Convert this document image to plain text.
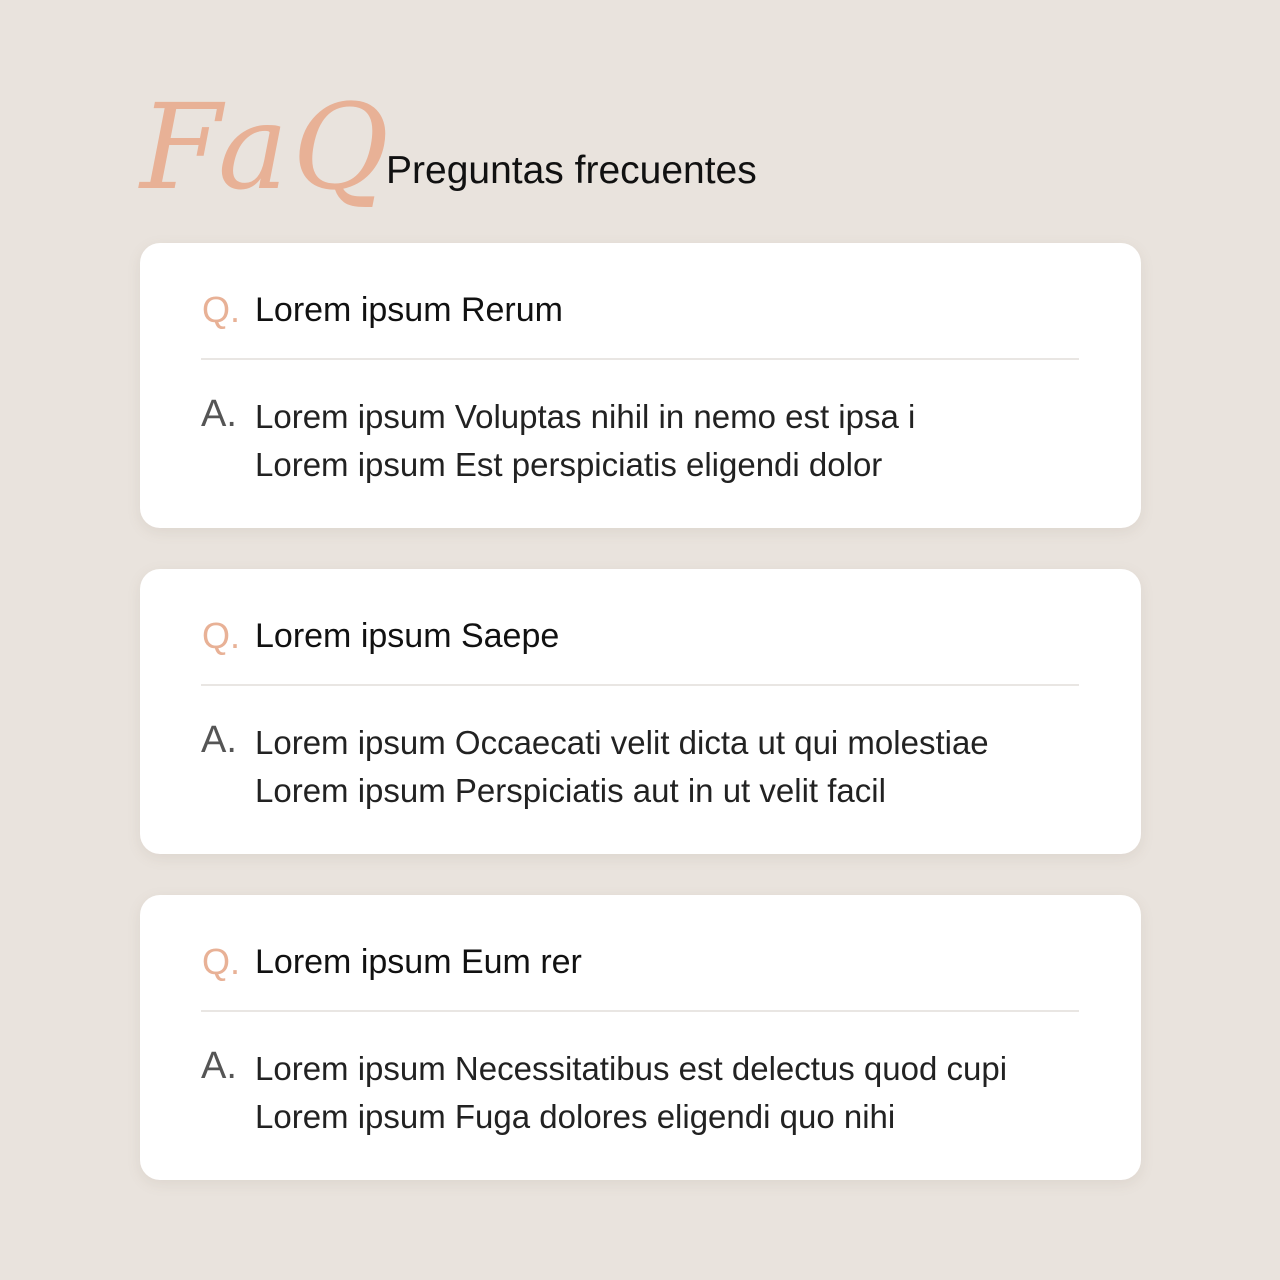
FaQ
Preguntas frecuentes
Q. Lorem ipsum Rerum
A. Lorem ipsum Voluptas nihil in nemo est ipsa i
Lorem ipsum Est perspiciatis eligendi dolor
Q. Lorem ipsum Saepe
A. Lorem ipsum Occaecati velit dicta ut qui molestiae
Lorem ipsum Perspiciatis aut in ut velit facil
Q. Lorem ipsum Eum rer
A. Lorem ipsum Necessitatibus est delectus quod cupi
Lorem ipsum Fuga dolores eligendi quo nihi
